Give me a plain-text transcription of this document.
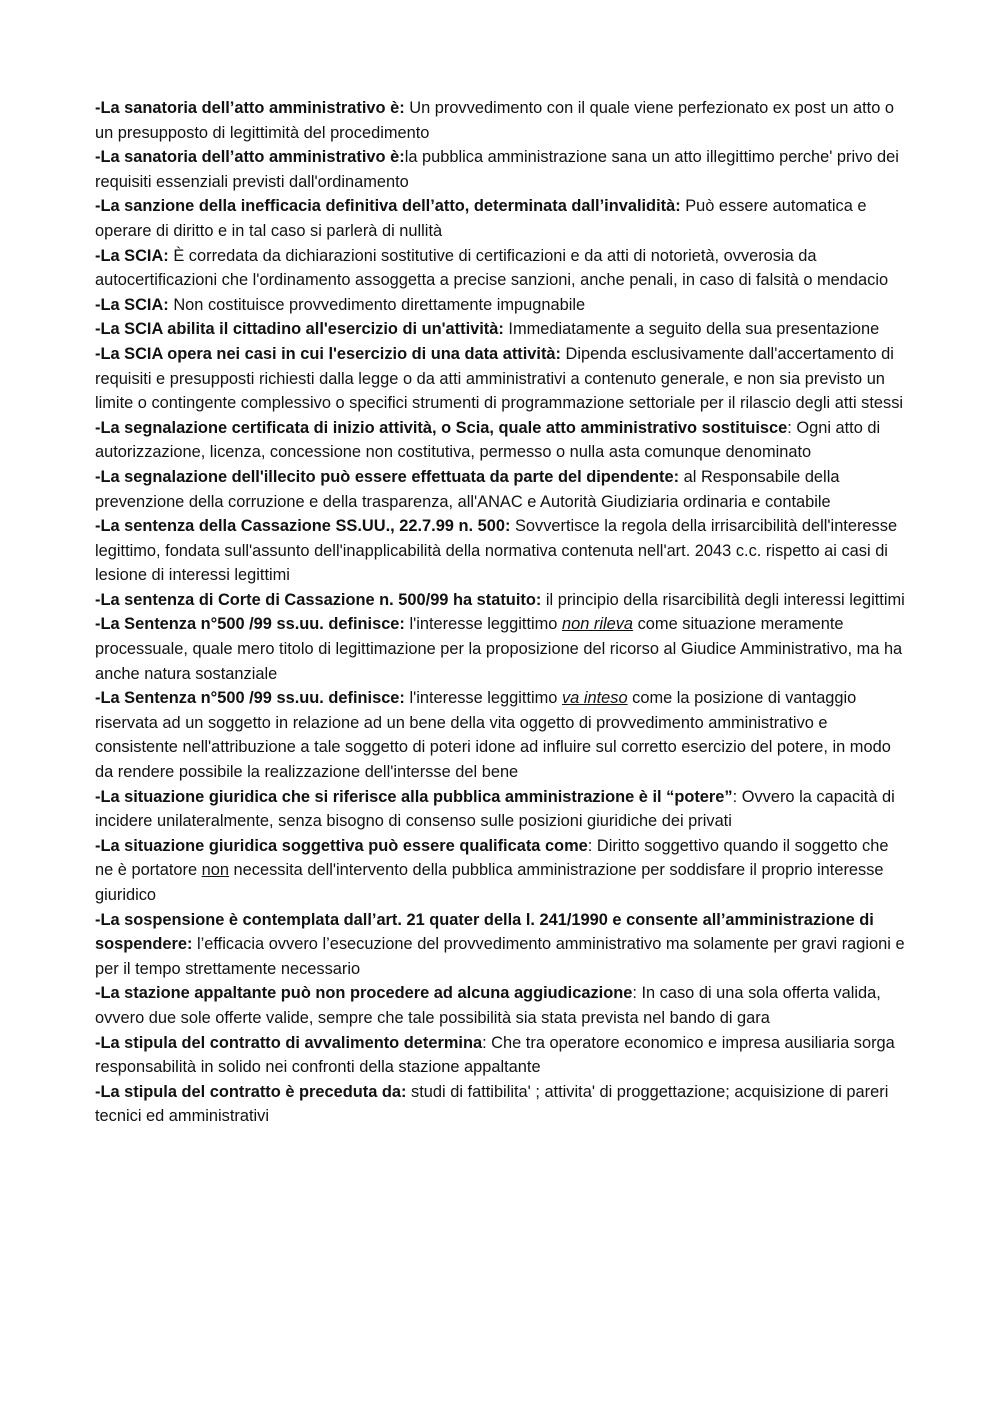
-La sanatoria dell’atto amministrativo è: Un provvedimento con il quale viene perfezionato ex post un atto o un presupposto di legittimità del procedimento

-La sanatoria dell’atto amministrativo è:la pubblica amministrazione sana un atto illegittimo perche' privo dei requisiti essenziali previsti dall'ordinamento

-La sanzione della inefficacia definitiva dell’atto, determinata dall’invalidità: Può essere automatica e operare di diritto e in tal caso si parlerà di nullità

-La SCIA: È corredata da dichiarazioni sostitutive di certificazioni e da atti di notorietà, ovverosia da autocertificazioni che l'ordinamento assoggetta a precise sanzioni, anche penali, in caso di falsità o mendacio

-La SCIA: Non costituisce provvedimento direttamente impugnabile

-La SCIA abilita il cittadino all'esercizio di un'attività: Immediatamente a seguito della sua presentazione

-La SCIA opera nei casi in cui l'esercizio di una data attività: Dipenda esclusivamente dall'accertamento di requisiti e presupposti richiesti dalla legge o da atti amministrativi a contenuto generale, e non sia previsto un limite o contingente complessivo o specifici strumenti di programmazione settoriale per il rilascio degli atti stessi

-La segnalazione certificata di inizio attività, o Scia, quale atto amministrativo sostituisce: Ogni atto di autorizzazione, licenza, concessione non costitutiva, permesso o nulla asta comunque denominato

-La segnalazione dell'illecito può essere effettuata da parte del dipendente: al Responsabile della prevenzione della corruzione e della trasparenza, all'ANAC e Autorità Giudiziaria ordinaria e contabile

-La sentenza della Cassazione SS.UU., 22.7.99 n. 500: Sovvertisce la regola della irrisarcibilità dell'interesse legittimo, fondata sull'assunto dell'inapplicabilità della normativa contenuta nell'art. 2043 c.c. rispetto ai casi di lesione di interessi legittimi

-La sentenza di Corte di Cassazione n. 500/99 ha statuito: il principio della risarcibilità degli interessi legittimi

-La Sentenza n°500 /99 ss.uu. definisce: l'interesse leggittimo non rileva come situazione meramente processuale, quale mero titolo di legittimazione per la proposizione del ricorso al Giudice Amministrativo, ma ha anche natura sostanziale

-La Sentenza n°500 /99 ss.uu. definisce: l'interesse leggittimo va inteso come la posizione di vantaggio riservata ad un soggetto in relazione ad un bene della vita oggetto di provvedimento amministrativo e consistente nell'attribuzione a tale soggetto di poteri idone ad influire sul corretto esercizio del potere, in modo da rendere possibile la realizzazione dell'intersse del bene

-La situazione giuridica che si riferisce alla pubblica amministrazione è il “potere”: Ovvero la capacità di incidere unilateralmente, senza bisogno di consenso sulle posizioni giuridiche dei privati

-La situazione giuridica soggettiva può essere qualificata come: Diritto soggettivo quando il soggetto che ne è portatore non necessita dell'intervento della pubblica amministrazione per soddisfare il proprio interesse giuridico

-La sospensione è contemplata dall’art. 21 quater della l. 241/1990 e consente all’amministrazione di sospendere: l’efficacia ovvero l’esecuzione del provvedimento amministrativo ma solamente per gravi ragioni e per il tempo strettamente necessario

-La stazione appaltante può non procedere ad alcuna aggiudicazione: In caso di una sola offerta valida, ovvero due sole offerte valide, sempre che tale possibilità sia stata prevista nel bando di gara

-La stipula del contratto di avvalimento determina: Che tra operatore economico e impresa ausiliaria sorga responsabilità in solido nei confronti della stazione appaltante

-La stipula del contratto è preceduta da: studi di fattibilita' ; attivita' di proggettazione; acquisizione di pareri tecnici ed amministrativi
